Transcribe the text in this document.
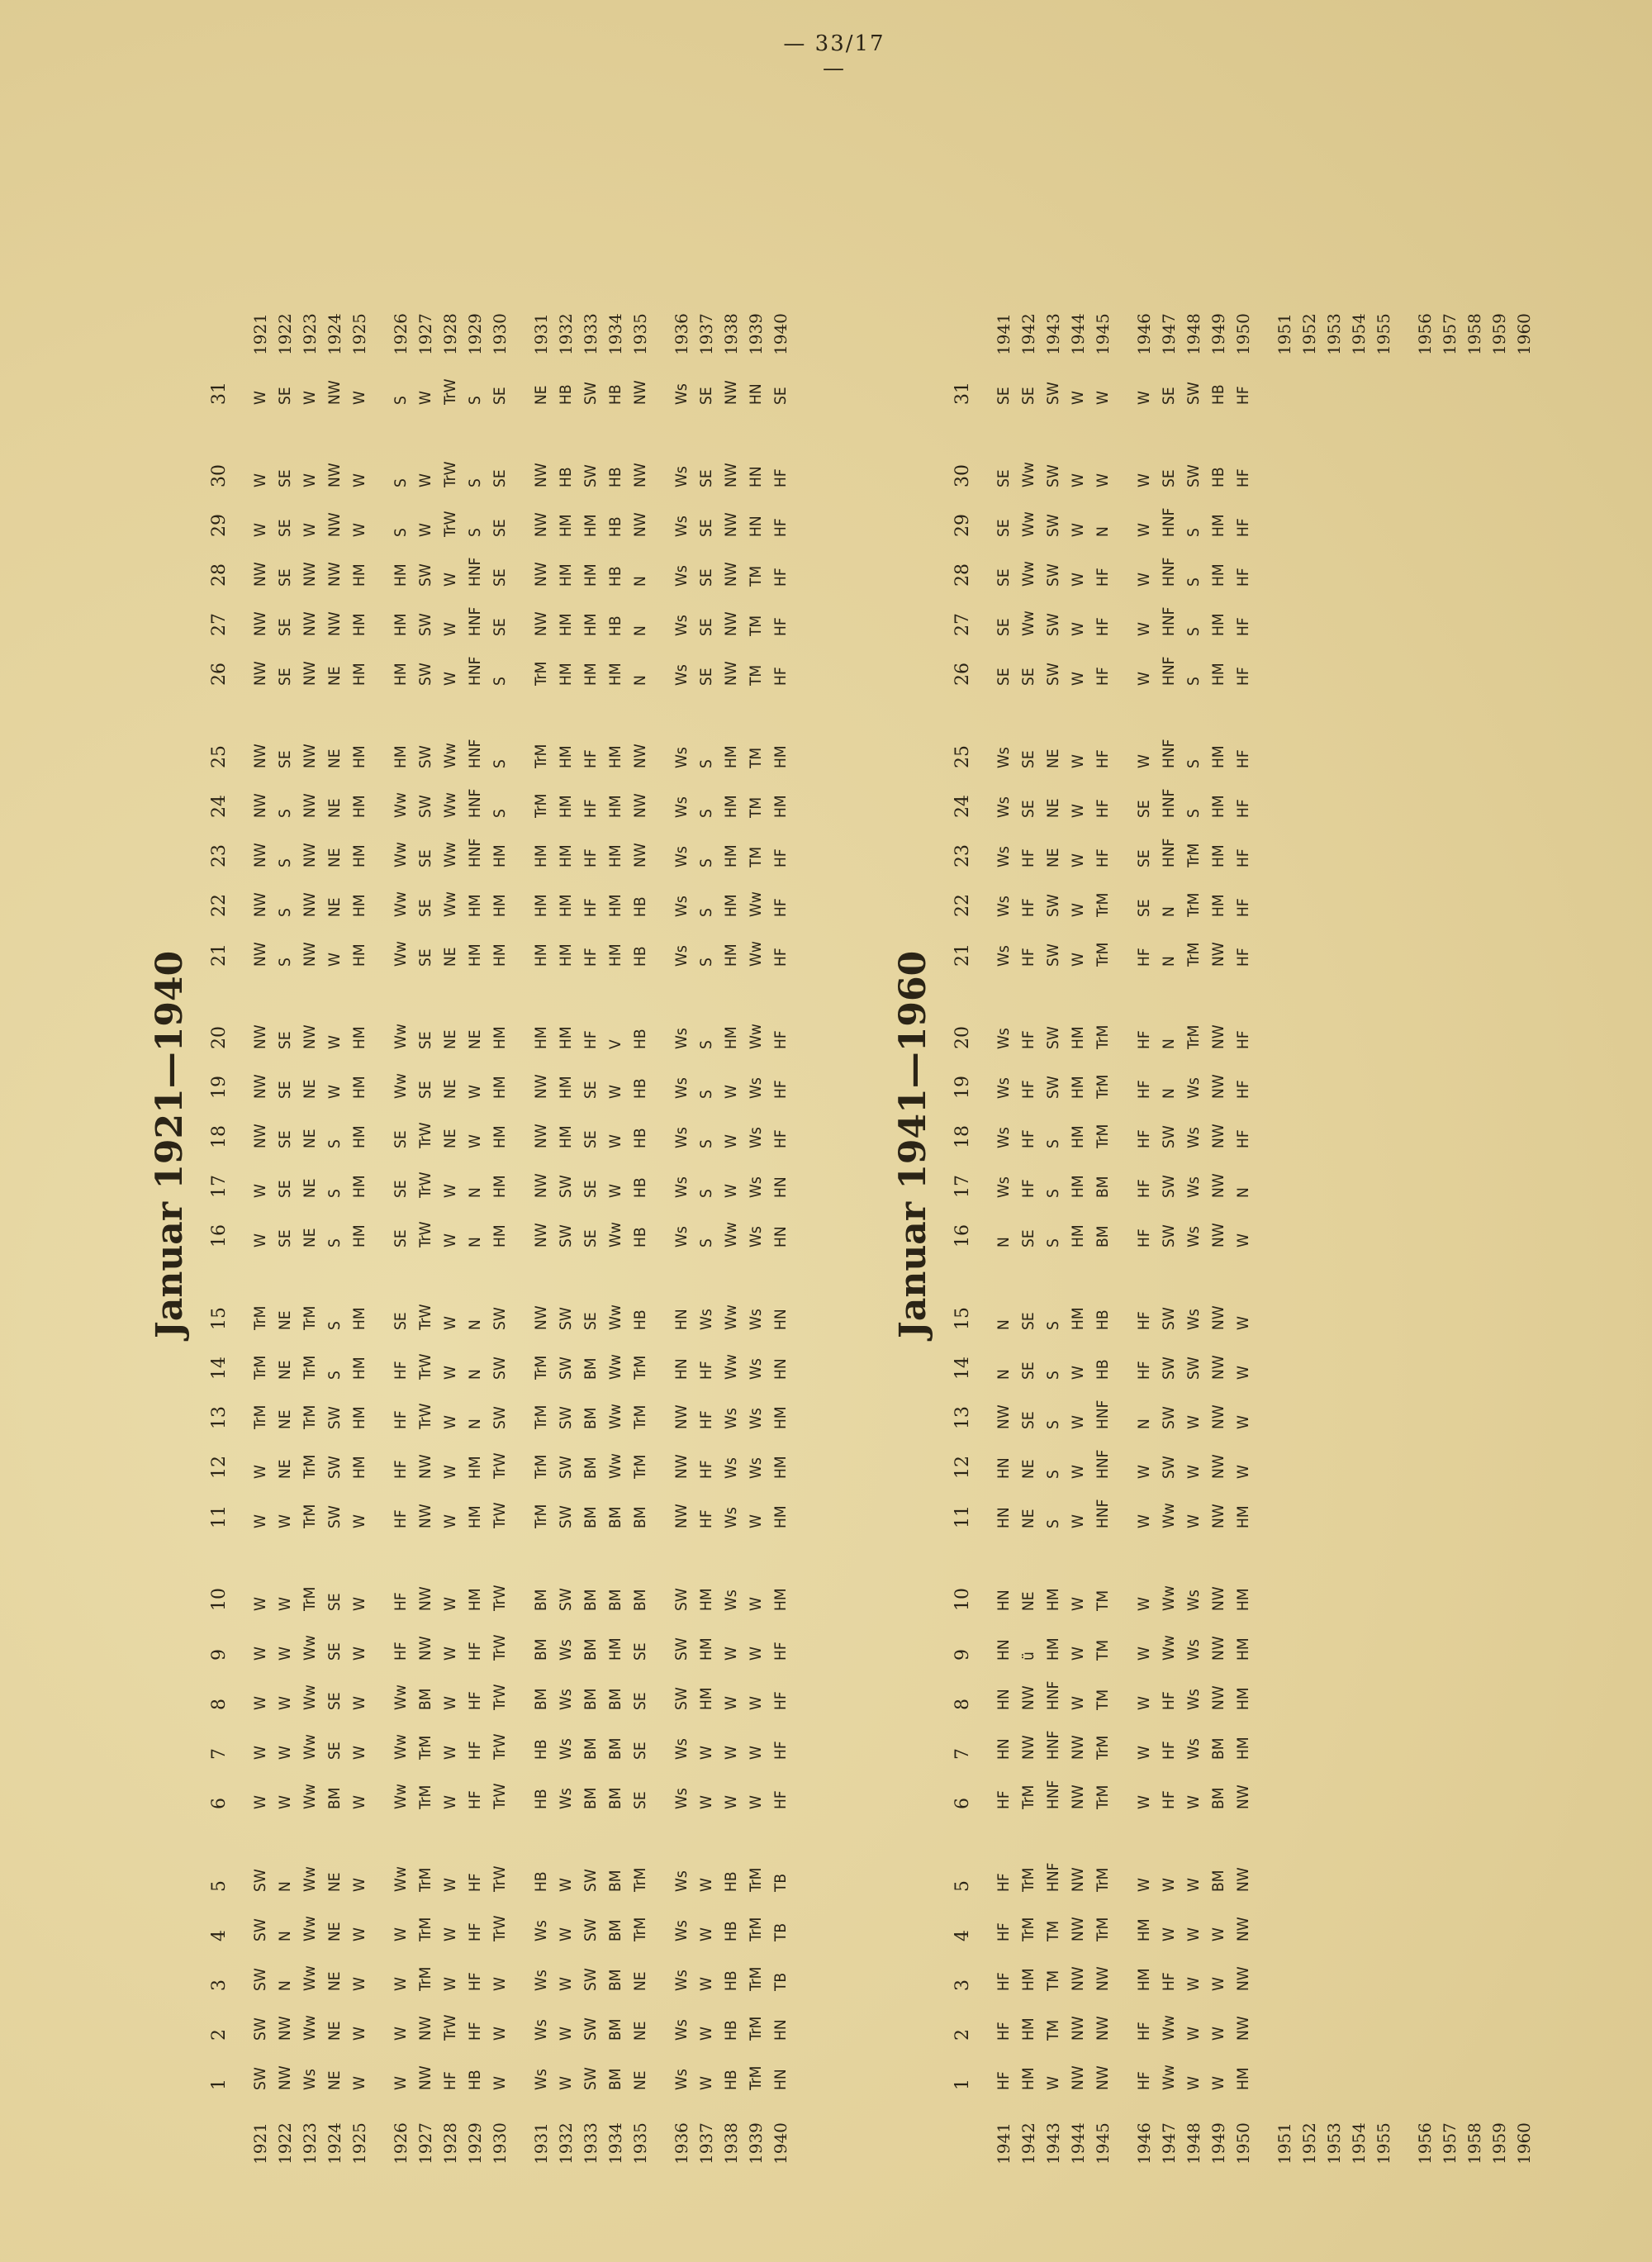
— 33/17 —
Januar 1921—1940
1
2
3
4
5
6
7
8
9
10
11
12
13
14
15
16
17
18
19
20
21
22
23
24
25
26
27
28
29
30
31
1921
SW
SW
SW
SW
SW
W
W
W
W
W
W
W
TrM
TrM
TrM
W
W
NW
NW
NW
NW
NW
NW
NW
NW
NW
NW
NW
W
W
W
1921
1922
NW
NW
N
N
N
W
W
W
W
W
W
NE
NE
NE
NE
SE
SE
SE
SE
SE
S
S
S
S
SE
SE
SE
SE
SE
SE
SE
1922
1923
Ws
Ww
Ww
Ww
Ww
Ww
Ww
Ww
Ww
TrM
TrM
TrM
TrM
TrM
TrM
NE
NE
NE
NE
NW
NW
NW
NW
NW
NW
NW
NW
NW
W
W
W
1923
1924
NE
NE
NE
NE
NE
BM
SE
SE
SE
SE
SW
SW
SW
S
S
S
S
S
W
W
W
NE
NE
NE
NE
NE
NW
NW
NW
NW
NW
1924
1925
W
W
W
W
W
W
W
W
W
W
W
HM
HM
HM
HM
HM
HM
HM
HM
HM
HM
HM
HM
HM
HM
HM
HM
HM
W
W
W
1925
1926
W
W
W
W
Ww
Ww
Ww
Ww
HF
HF
HF
HF
HF
HF
SE
SE
SE
SE
Ww
Ww
Ww
Ww
Ww
Ww
HM
HM
HM
HM
S
S
S
1926
1927
NW
NW
TrM
TrM
TrM
TrM
TrM
BM
NW
NW
NW
NW
TrW
TrW
TrW
TrW
TrW
TrW
SE
SE
SE
SE
SE
SW
SW
SW
SW
SW
W
W
W
1927
1928
HF
TrW
W
W
W
W
W
W
W
W
W
W
W
W
W
W
W
NE
NE
NE
NE
Ww
Ww
Ww
Ww
W
W
W
TrW
TrW
TrW
1928
1929
HB
HF
HF
HF
HF
HF
HF
HF
HF
HM
HM
HM
N
N
N
N
N
W
W
NE
HM
HM
HNF
HNF
HNF
HNF
HNF
HNF
S
S
S
1929
1930
W
W
W
TrW
TrW
TrW
TrW
TrW
TrW
TrW
TrW
TrW
SW
SW
SW
HM
HM
HM
HM
HM
HM
HM
HM
S
S
S
SE
SE
SE
SE
SE
1930
1931
Ws
Ws
Ws
Ws
HB
HB
HB
BM
BM
BM
TrM
TrM
TrM
TrM
NW
NW
NW
NW
NW
HM
HM
HM
HM
TrM
TrM
TrM
NW
NW
NW
NW
NE
1931
1932
W
W
W
W
W
Ws
Ws
Ws
Ws
SW
SW
SW
SW
SW
SW
SW
SW
HM
HM
HM
HM
HM
HM
HM
HM
HM
HM
HM
HM
HB
HB
1932
1933
SW
SW
SW
SW
SW
BM
BM
BM
BM
BM
BM
BM
BM
BM
SE
SE
SE
SE
SE
HF
HF
HF
HF
HF
HF
HM
HM
HM
HM
SW
SW
1933
1934
BM
BM
BM
BM
BM
BM
BM
BM
HM
BM
BM
Ww
Ww
Ww
Ww
Ww
W
W
W
V
HM
HM
HM
HM
HM
HM
HB
HB
HB
HB
HB
1934
1935
NE
NE
NE
TrM
TrM
SE
SE
SE
SE
BM
BM
TrM
TrM
TrM
HB
HB
HB
HB
HB
HB
HB
HB
NW
NW
NW
N
N
N
NW
NW
NW
1935
1936
Ws
Ws
Ws
Ws
Ws
Ws
Ws
SW
SW
SW
NW
NW
NW
HN
HN
Ws
Ws
Ws
Ws
Ws
Ws
Ws
Ws
Ws
Ws
Ws
Ws
Ws
Ws
Ws
Ws
1936
1937
W
W
W
W
W
W
W
HM
HM
HM
HF
HF
HF
HF
Ws
S
S
S
S
S
S
S
S
S
S
SE
SE
SE
SE
SE
SE
1937
1938
HB
HB
HB
HB
HB
W
W
W
W
Ws
Ws
Ws
Ws
Ww
Ww
Ww
W
W
W
HM
HM
HM
HM
HM
HM
NW
NW
NW
NW
NW
NW
1938
1939
TrM
TrM
TrM
TrM
TrM
W
W
W
W
W
W
Ws
Ws
Ws
Ws
Ws
Ws
Ws
Ws
Ww
Ww
Ww
TM
TM
TM
TM
TM
TM
HN
HN
HN
1939
1940
HN
HN
TB
TB
TB
HF
HF
HF
HF
HM
HM
HM
HM
HN
HN
HN
HN
HF
HF
HF
HF
HF
HF
HM
HM
HF
HF
HF
HF
HF
SE
1940
Januar 1941—1960
1
2
3
4
5
6
7
8
9
10
11
12
13
14
15
16
17
18
19
20
21
22
23
24
25
26
27
28
29
30
31
1941
HF
HF
HF
HF
HF
HF
HN
HN
HN
HN
HN
HN
NW
N
N
N
Ws
Ws
Ws
Ws
Ws
Ws
Ws
Ws
Ws
SE
SE
SE
SE
SE
SE
1941
1942
HM
HM
HM
TrM
TrM
TrM
NW
NW
ü
NE
NE
NE
SE
SE
SE
SE
HF
HF
HF
HF
HF
HF
HF
SE
SE
SE
Ww
Ww
Ww
Ww
SE
1942
1943
W
TM
TM
TM
HNF
HNF
HNF
HNF
HM
HM
S
S
S
S
S
S
S
S
SW
SW
SW
SW
NE
NE
NE
SW
SW
SW
SW
SW
SW
1943
1944
NW
NW
NW
NW
NW
NW
NW
W
W
W
W
W
W
W
HM
HM
HM
HM
HM
HM
W
W
W
W
W
W
W
W
W
W
W
1944
1945
NW
NW
NW
TrM
TrM
TrM
TrM
TM
TM
TM
HNF
HNF
HNF
HB
HB
BM
BM
TrM
TrM
TrM
TrM
TrM
HF
HF
HF
HF
HF
HF
N
W
W
1945
1946
HF
HF
HM
HM
W
W
W
W
W
W
W
W
N
HF
HF
HF
HF
HF
HF
HF
HF
SE
SE
SE
W
W
W
W
W
W
W
1946
1947
Ww
Ww
HF
W
W
HF
HF
HF
Ww
Ww
Ww
SW
SW
SW
SW
SW
SW
SW
N
N
N
N
HNF
HNF
HNF
HNF
HNF
HNF
HNF
SE
SE
1947
1948
W
W
W
W
W
W
Ws
Ws
Ws
Ws
W
W
W
SW
Ws
Ws
Ws
Ws
Ws
TrM
TrM
TrM
TrM
S
S
S
S
S
S
SW
SW
1948
1949
W
W
W
W
BM
BM
BM
NW
NW
NW
NW
NW
NW
NW
NW
NW
NW
NW
NW
NW
NW
HM
HM
HM
HM
HM
HM
HM
HM
HB
HB
1949
1950
HM
NW
NW
NW
NW
NW
HM
HM
HM
HM
HM
W
W
W
W
W
N
HF
HF
HF
HF
HF
HF
HF
HF
HF
HF
HF
HF
HF
HF
1950
1951
1951
1952
1952
1953
1953
1954
1954
1955
1955
1956
1956
1957
1957
1958
1958
1959
1959
1960
1960
